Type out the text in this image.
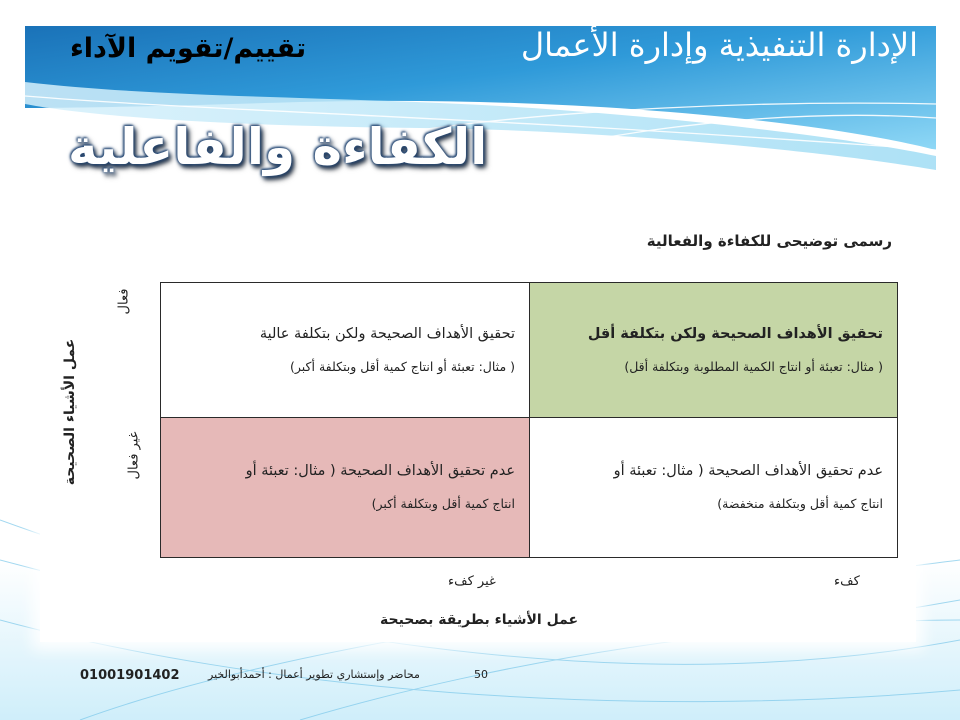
الإدارة التنفيذية وإدارة الأعمال
تقييم/تقويم الآداء
الكفاءة والفاعلية
رسمى توضيحى للكفاءة والفعالية
عمل الأشياء الصحيحة
فعال
غير فعال
تحقيق الأهداف الصحيحة ولكن بتكلفة أقل
( مثال: تعبئة أو انتاج الكمية المطلوبة وبتكلفة أقل)
تحقيق الأهداف الصحيحة ولكن بتكلفة عالية
( مثال: تعبئة أو انتاج كمية أقل وبتكلفة أكبر)
عدم تحقيق الأهداف الصحيحة ( مثال: تعبئة أو
انتاج كمية أقل وبتكلفة منخفضة)
عدم تحقيق الأهداف الصحيحة ( مثال: تعبئة أو
انتاج كمية أقل وبتكلفة أكبر)
كفء
غير كفء
عمل الأشياء بطريقة بصحيحة
50
محاضر وإستشاري تطوير أعمال : أحمدأبوالخير
01001901402
